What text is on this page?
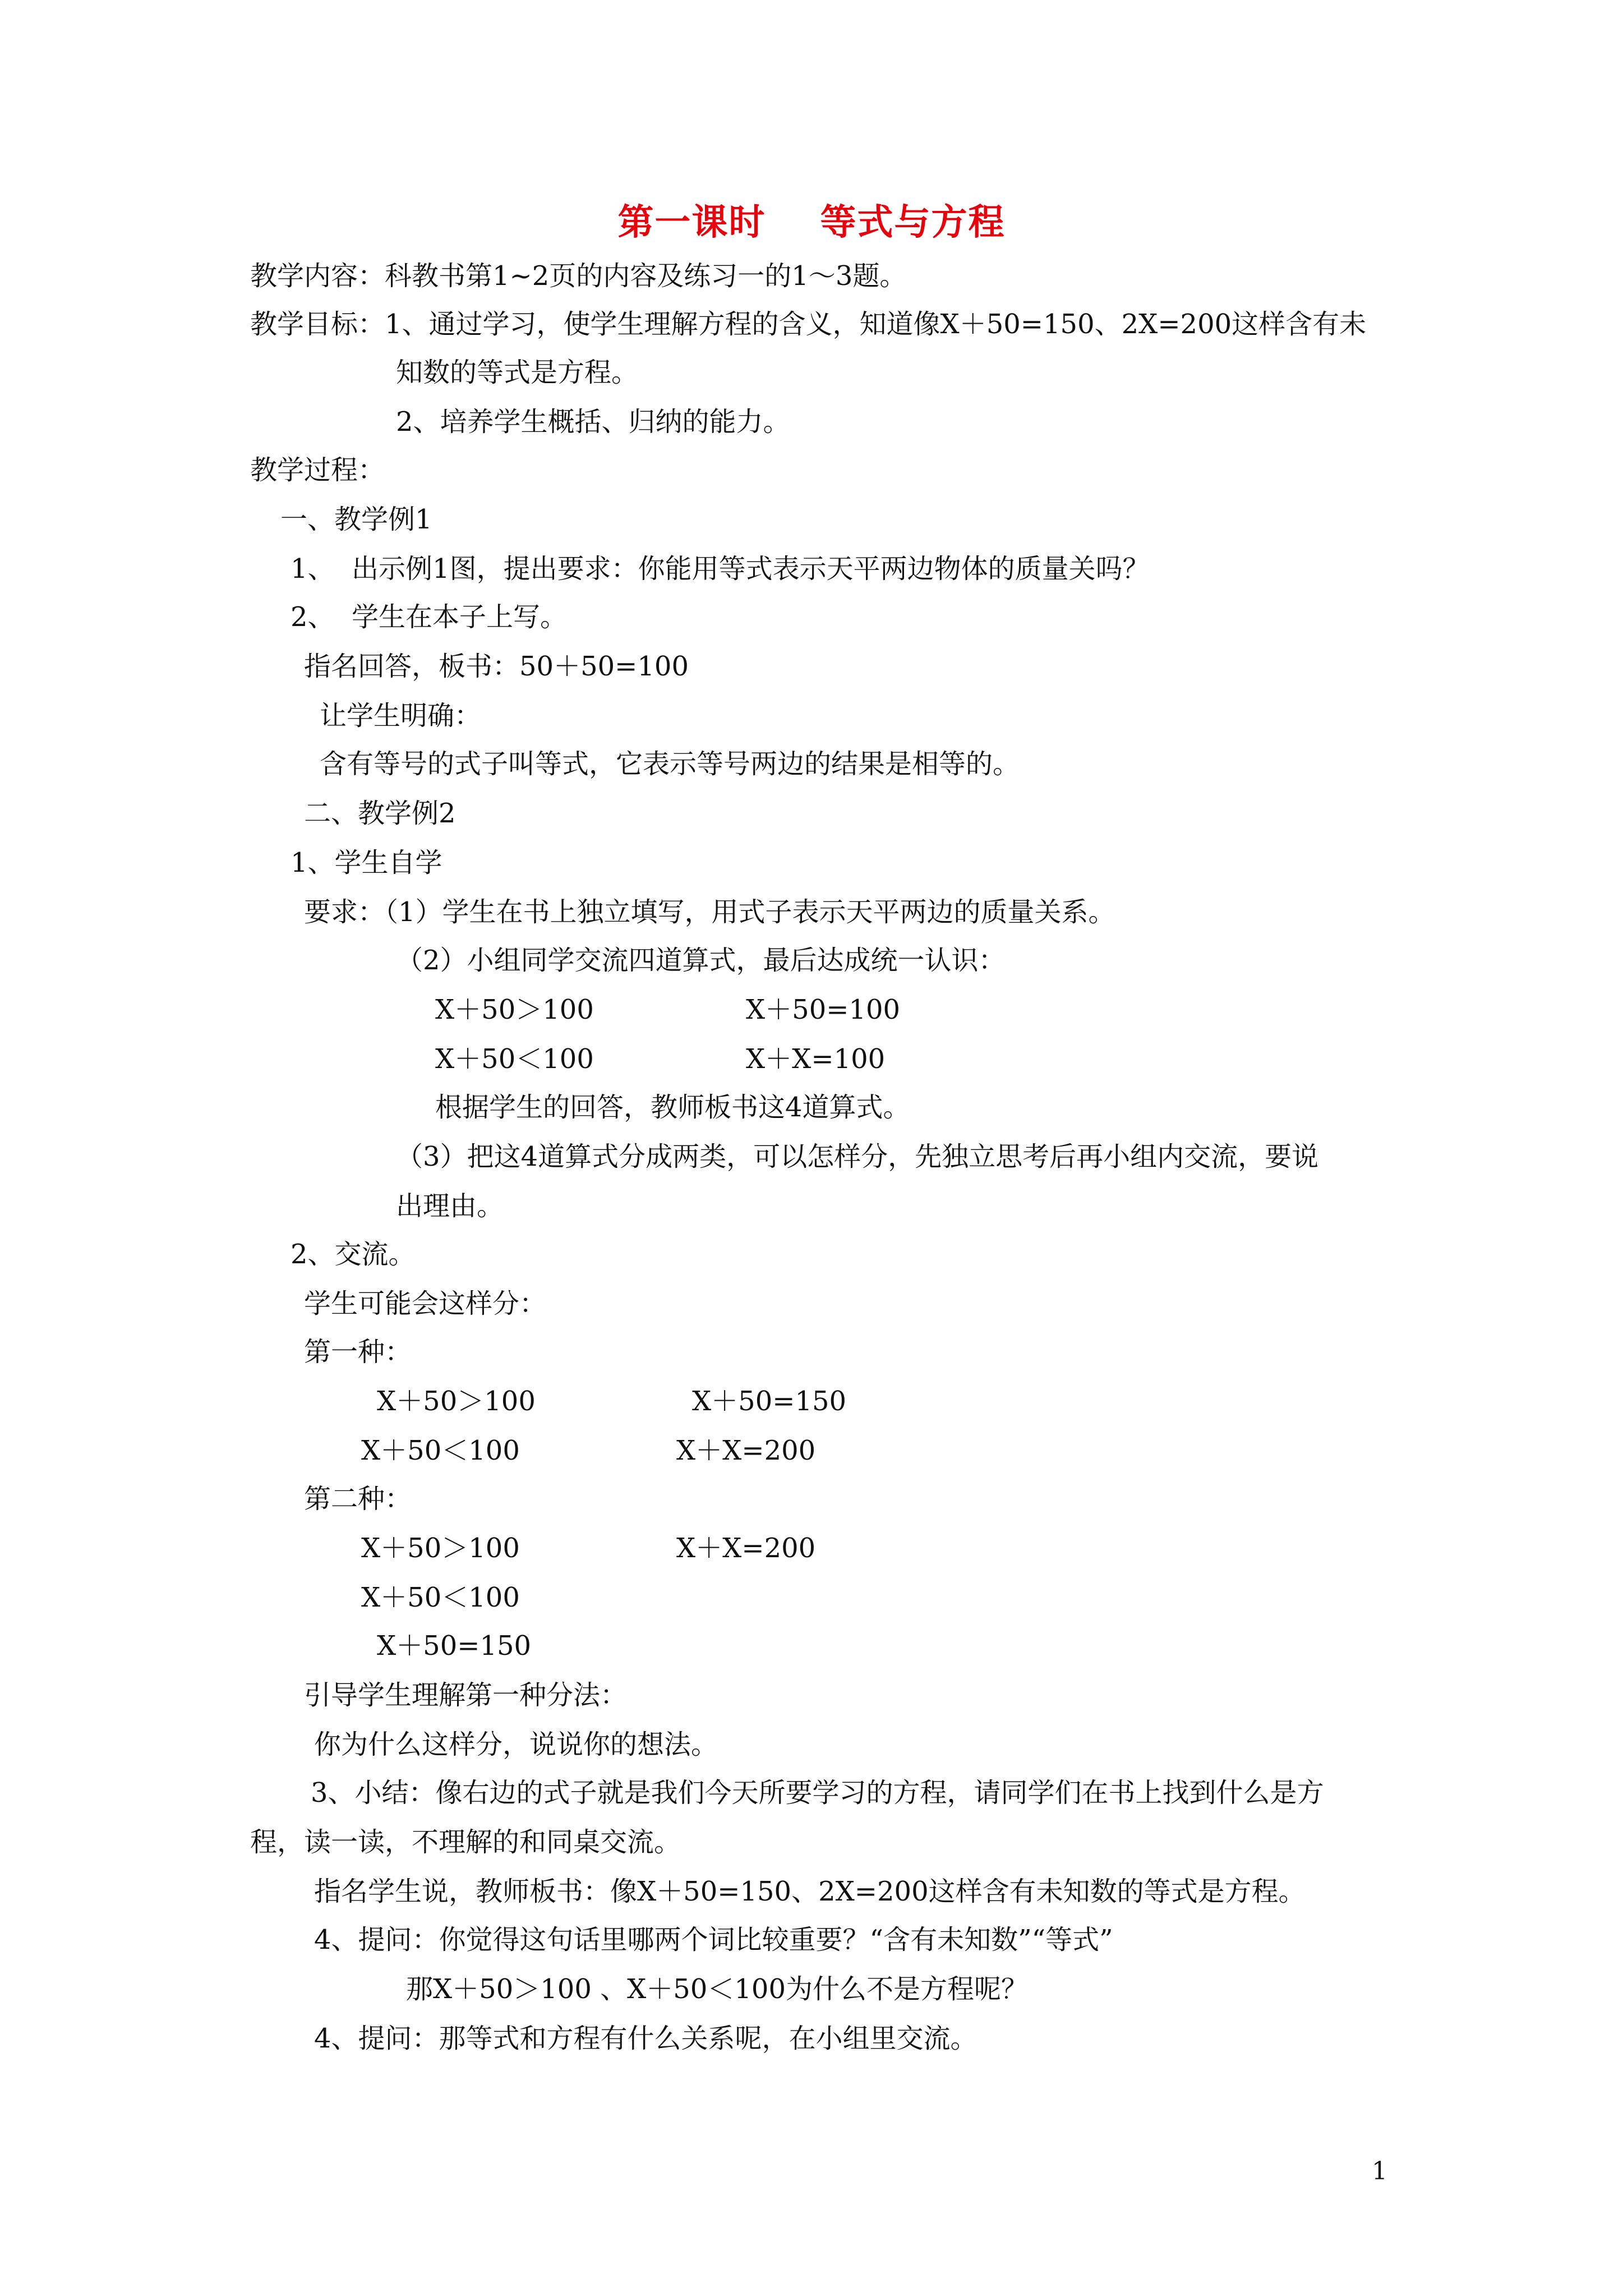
第一课时    等式与方程

教学内容：科教书第1~2页的内容及练习一的1～3题。

教学目标：1、通过学习，使学生理解方程的含义，知道像X＋50=150、2X=200这样含有未

知数的等式是方程。

2、培养学生概括、归纳的能力。

教学过程：

一、教学例1

1、  出示例1图，提出要求：你能用等式表示天平两边物体的质量关吗？

2、  学生在本子上写。

指名回答，板书：50＋50=100

让学生明确：

含有等号的式子叫等式，它表示等号两边的结果是相等的。

二、教学例2

1、学生自学

要求：（1）学生在书上独立填写，用式子表示天平两边的质量关系。

（2）小组同学交流四道算式，最后达成统一认识：

X＋50＞100	X＋50=100

X＋50＜100	X＋X=100

根据学生的回答，教师板书这4道算式。

（3）把这4道算式分成两类，可以怎样分，先独立思考后再小组内交流，要说

出理由。

2、交流。

学生可能会这样分：

第一种：

X＋50＞100	X＋50=150

X＋50＜100	X＋X=200

第二种：

X＋50＞100	X＋X=200

X＋50＜100

X＋50=150

引导学生理解第一种分法：

你为什么这样分，说说你的想法。

3、小结：像右边的式子就是我们今天所要学习的方程，请同学们在书上找到什么是方

程，读一读，不理解的和同桌交流。

指名学生说，教师板书：像X＋50=150、2X=200这样含有未知数的等式是方程。

4、提问：你觉得这句话里哪两个词比较重要？“含有未知数”“等式”

那X＋50＞100 、X＋50＜100为什么不是方程呢？

4、提问：那等式和方程有什么关系呢，在小组里交流。

1
